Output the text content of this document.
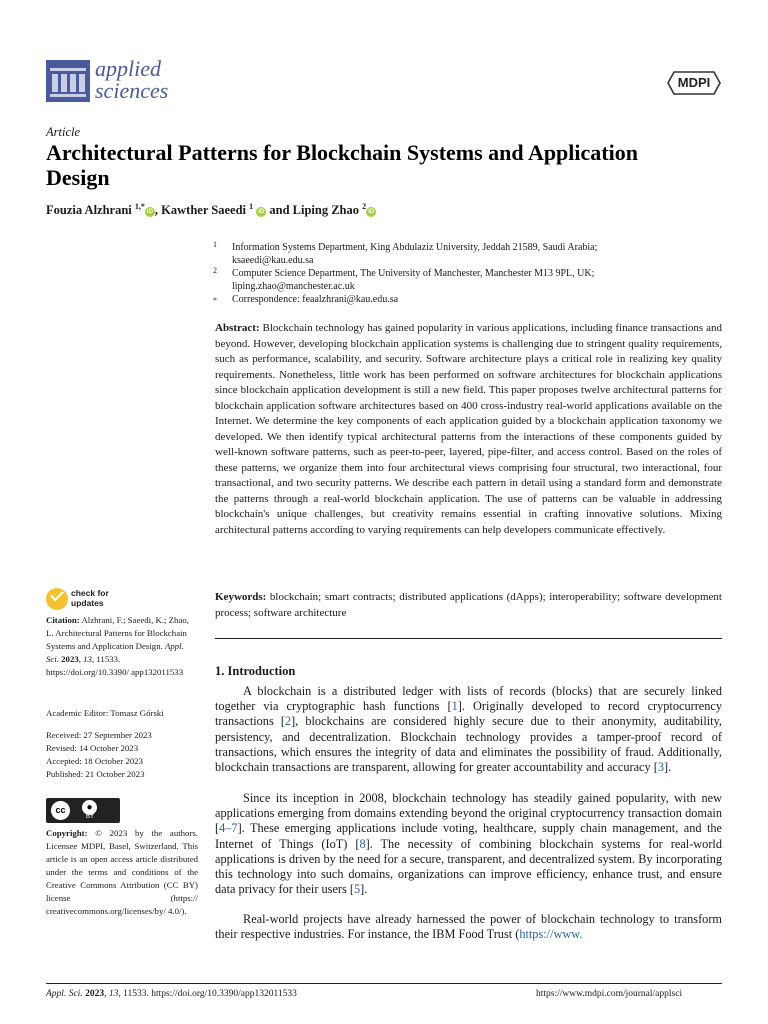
applied
sciences	MDPI
Article
Architectural Patterns for Blockchain Systems and Application Design
Fouzia Alzhrani $^{1,*}$iD , Kawther Saeedi $^1$ iD and Liping Zhao $^2$iD
1 Information Systems Department, King Abdulaziz University, Jeddah 21589, Saudi Arabia;
ksaeedi@kau.edu.sa
2 Computer Science Department, The University of Manchester, Manchester M13 9PL, UK;
liping.zhao@manchester.ac.uk
* Correspondence: feaalzhrani@kau.edu.sa
Abstract: Blockchain technology has gained popularity in various applications, including finance transactions and beyond. However, developing blockchain application systems is challenging due to stringent quality requirements, such as performance, scalability, and security. Software architecture plays a critical role in realizing key quality requirements. Nonetheless, little work has been performed on software architectures for blockchain applications since blockchain application development is still a new field. This paper proposes twelve architectural patterns for blockchain application software architectures based on 400 cross-industry real-world applications available on the Internet. We determine the key components of each application guided by a blockchain application taxonomy we developed. We then identify typical architectural patterns from the interactions of these components guided by well-known software patterns, such as peer-to-peer, layered, pipe-filter, and access control. Based on the roles of these patterns, we organize them into four architectural views comprising four structural, two interactional, four transactional, and two security patterns. We describe each pattern in detail using a standard form and demonstrate the patterns through a real-world blockchain application. The use of patterns can be valuable in addressing blockchain's unique challenges, but creativity remains essential in crafting innovative solutions. Mixing architectural patterns according to varying requirements can help developers communicate effectively.
Keywords: blockchain; smart contracts; distributed applications (dApps); interoperability; software development process; software architecture
check for
updates
Citation: Alzhrani, F.; Saeedi, K.; Zhao, L. Architectural Patterns for Blockchain Systems and Application Design. Appl. Sci. 2023, 13, 11533. https://doi.org/10.3390/ app132011533
Academic Editor: Tomasz Górski
Received: 27 September 2023
Revised: 14 October 2023
Accepted: 18 October 2023
Published: 21 October 2023
cc	●
BY
Copyright: © 2023 by the authors. Licensee MDPI, Basel, Switzerland. This article is an open access article distributed under the terms and conditions of the Creative Commons Attribution (CC BY) license (https:// creativecommons.org/licenses/by/ 4.0/).
1. Introduction
A blockchain is a distributed ledger with lists of records (blocks) that are securely linked together via cryptographic hash functions [1]. Originally developed to record cryptocurrency transactions [2], blockchains are considered highly secure due to their anonymity, auditability, persistency, and decentralization. Blockchain technology provides a tamper-proof record of transactions, which ensures the integrity of data and eliminates the possibility of fraud. Additionally, blockchain transactions are transparent, allowing for greater accountability and accuracy [3].
Since its inception in 2008, blockchain technology has steadily gained popularity, with new applications emerging from domains extending beyond the original cryptocurrency transaction domain [4–7]. These emerging applications include voting, healthcare, supply chain management, and the Internet of Things (IoT) [8]. The necessity of combining blockchain systems for real-world applications is driven by the need for a secure, transparent, and decentralized system. By incorporating this technology into such domains, organizations can improve efficiency, enhance trust, and ensure data privacy for their users [5].
Real-world projects have already harnessed the power of blockchain technology to transform their respective industries. For instance, the IBM Food Trust (https://www.
Appl. Sci. 2023, 13, 11533. https://doi.org/10.3390/app132011533	https://www.mdpi.com/journal/applsci
